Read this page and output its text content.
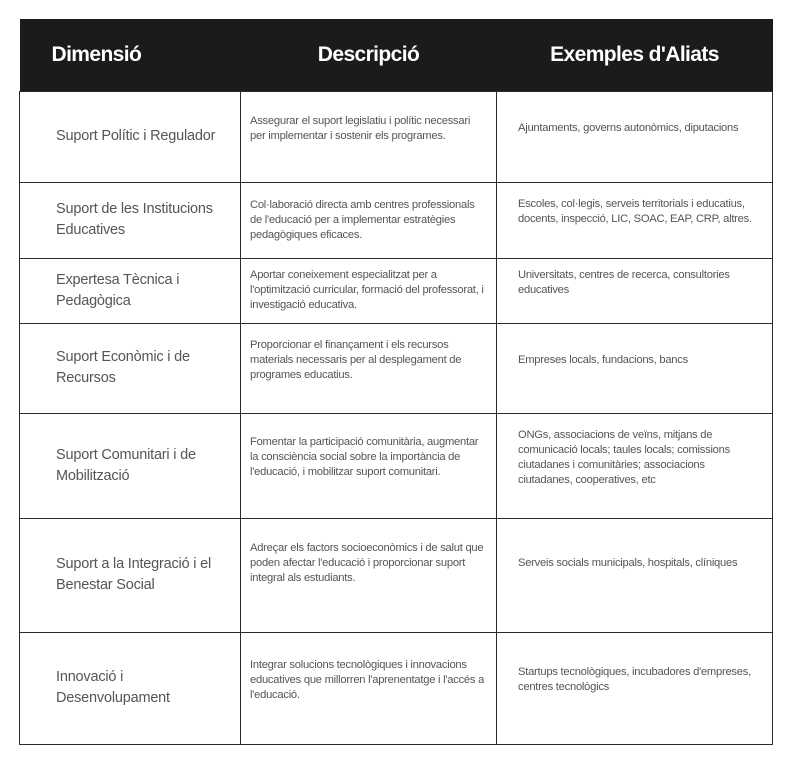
Dimensió	Descripció	Exemples d'Aliats
Suport Polític i Regulador	Assegurar el suport legislatiu i polític necessari per implementar i sostenir els programes.	Ajuntaments, governs autonòmics, diputacions

Suport de les Institucions Educatives	Col·laboració directa amb centres professionals de l'educació per a implementar estratègies pedagògiques eficaces.	Escoles, col·legis, serveis territorials i educatius, docents, inspecció, LIC, SOAC, EAP, CRP, altres.

Expertesa Tècnica i Pedagògica	Aportar coneixement especialitzat per a l'optimització curricular, formació del professorat, i investigació educativa.	Universitats, centres de recerca, consultories educatives

Suport Econòmic i de Recursos	Proporcionar el finançament i els recursos materials necessaris per al desplegament de programes educatius.	Empreses locals, fundacions, bancs

Suport Comunitari i de Mobilització	Fomentar la participació comunitària, augmentar la consciència social sobre la importància de l'educació, i mobilitzar suport comunitari.	ONGs, associacions de veïns, mitjans de comunicació locals; taules locals; comissions ciutadanes i comunitàries; associacions ciutadanes, cooperatives, etc

Suport a la Integració i el Benestar Social	Adreçar els factors socioeconòmics i de salut que poden afectar l'educació i proporcionar suport integral als estudiants.	Serveis socials municipals, hospitals, clíniques

Innovació i Desenvolupament	Integrar solucions tecnològiques i innovacions educatives que millorren l'aprenentatge i l'accés a l'educació.	Startups tecnològiques, incubadores d'empreses, centres tecnològics
